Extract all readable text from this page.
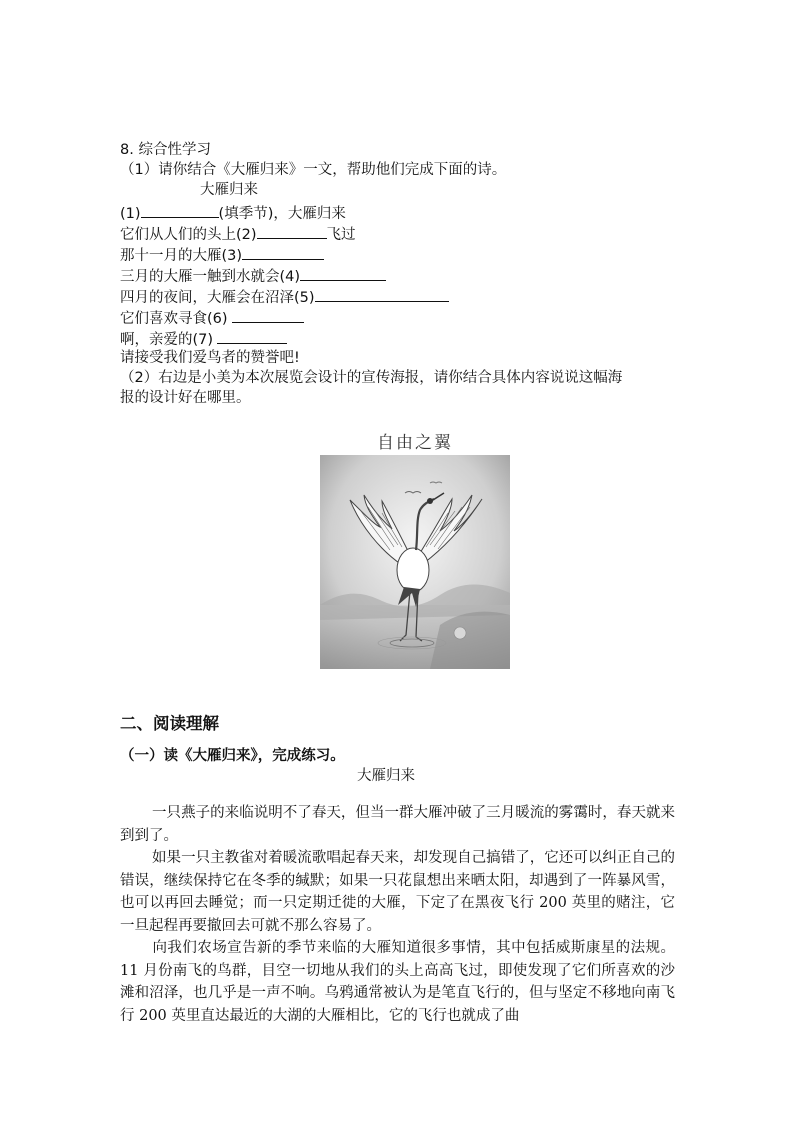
8. 综合性学习
（1）请你结合《大雁归来》一文，帮助他们完成下面的诗。
大雁归来
(1)	(填季节)，大雁归来
它们从人们的头上(2)	飞过
那十一月的大雁(3)
三月的大雁一触到水就会(4)
四月的夜间，大雁会在沼泽(5)
它们喜欢寻食(6)
啊，亲爱的(7)
请接受我们爱鸟者的赞誉吧!
（2）右边是小美为本次展览会设计的宣传海报，请你结合具体内容说说这幅海
报的设计好在哪里。
自由之翼
二、阅读理解
（一）读《大雁归来》，完成练习。
大雁归来
一只燕子的来临说明不了春天，但当一群大雁冲破了三月暖流的雾霭时，春天就来到到了。
如果一只主教雀对着暖流歌唱起春天来，却发现自己搞错了，它还可以纠正自己的错误，继续保持它在冬季的缄默；如果一只花鼠想出来晒太阳，却遇到了一阵暴风雪，也可以再回去睡觉；而一只定期迁徙的大雁，下定了在黑夜飞行 200 英里的赌注，它一旦起程再要撤回去可就不那么容易了。
向我们农场宣告新的季节来临的大雁知道很多事情，其中包括威斯康星的法规。11 月份南飞的鸟群，目空一切地从我们的头上高高飞过，即使发现了它们所喜欢的沙滩和沼泽，也几乎是一声不响。乌鸦通常被认为是笔直飞行的，但与坚定不移地向南飞行 200 英里直达最近的大湖的大雁相比，它的飞行也就成了曲
